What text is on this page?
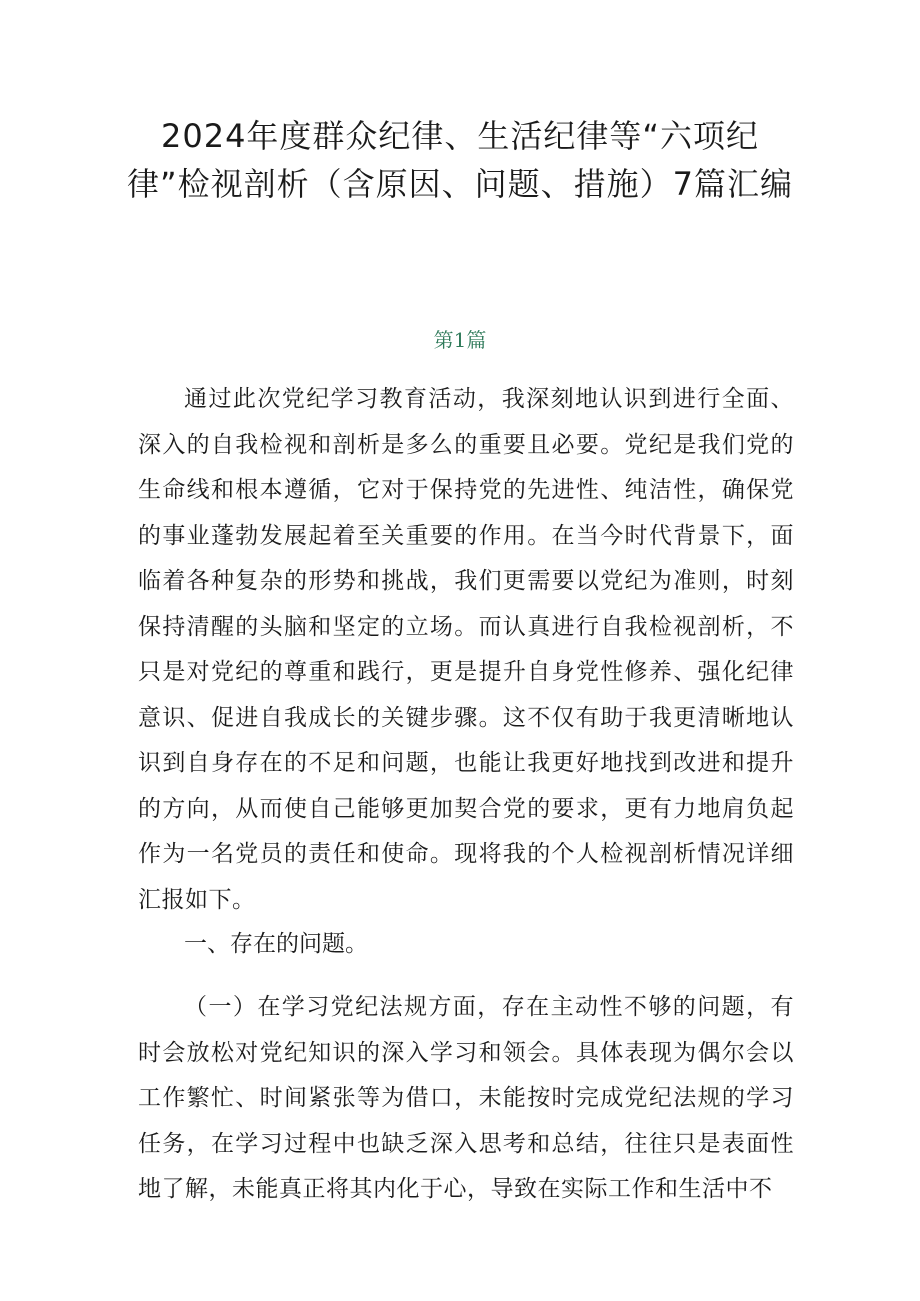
2024年度群众纪律、生活纪律等“六项纪律”检视剖析（含原因、问题、措施）7篇汇编
第1篇

通过此次党纪学习教育活动，我深刻地认识到进行全面、深入的自我检视和剖析是多么的重要且必要。党纪是我们党的生命线和根本遵循，它对于保持党的先进性、纯洁性，确保党的事业蓬勃发展起着至关重要的作用。在当今时代背景下，面临着各种复杂的形势和挑战，我们更需要以党纪为准则，时刻保持清醒的头脑和坚定的立场。而认真进行自我检视剖析，不只是对党纪的尊重和践行，更是提升自身党性修养、强化纪律意识、促进自我成长的关键步骤。这不仅有助于我更清晰地认识到自身存在的不足和问题，也能让我更好地找到改进和提升的方向，从而使自己能够更加契合党的要求，更有力地肩负起作为一名党员的责任和使命。现将我的个人检视剖析情况详细汇报如下。

一、存在的问题。

（一）在学习党纪法规方面，存在主动性不够的问题，有时会放松对党纪知识的深入学习和领会。具体表现为偶尔会以工作繁忙、时间紧张等为借口，未能按时完成党纪法规的学习任务，在学习过程中也缺乏深入思考和总结，往往只是表面性地了解，未能真正将其内化于心，导致在实际工作和生活中不
